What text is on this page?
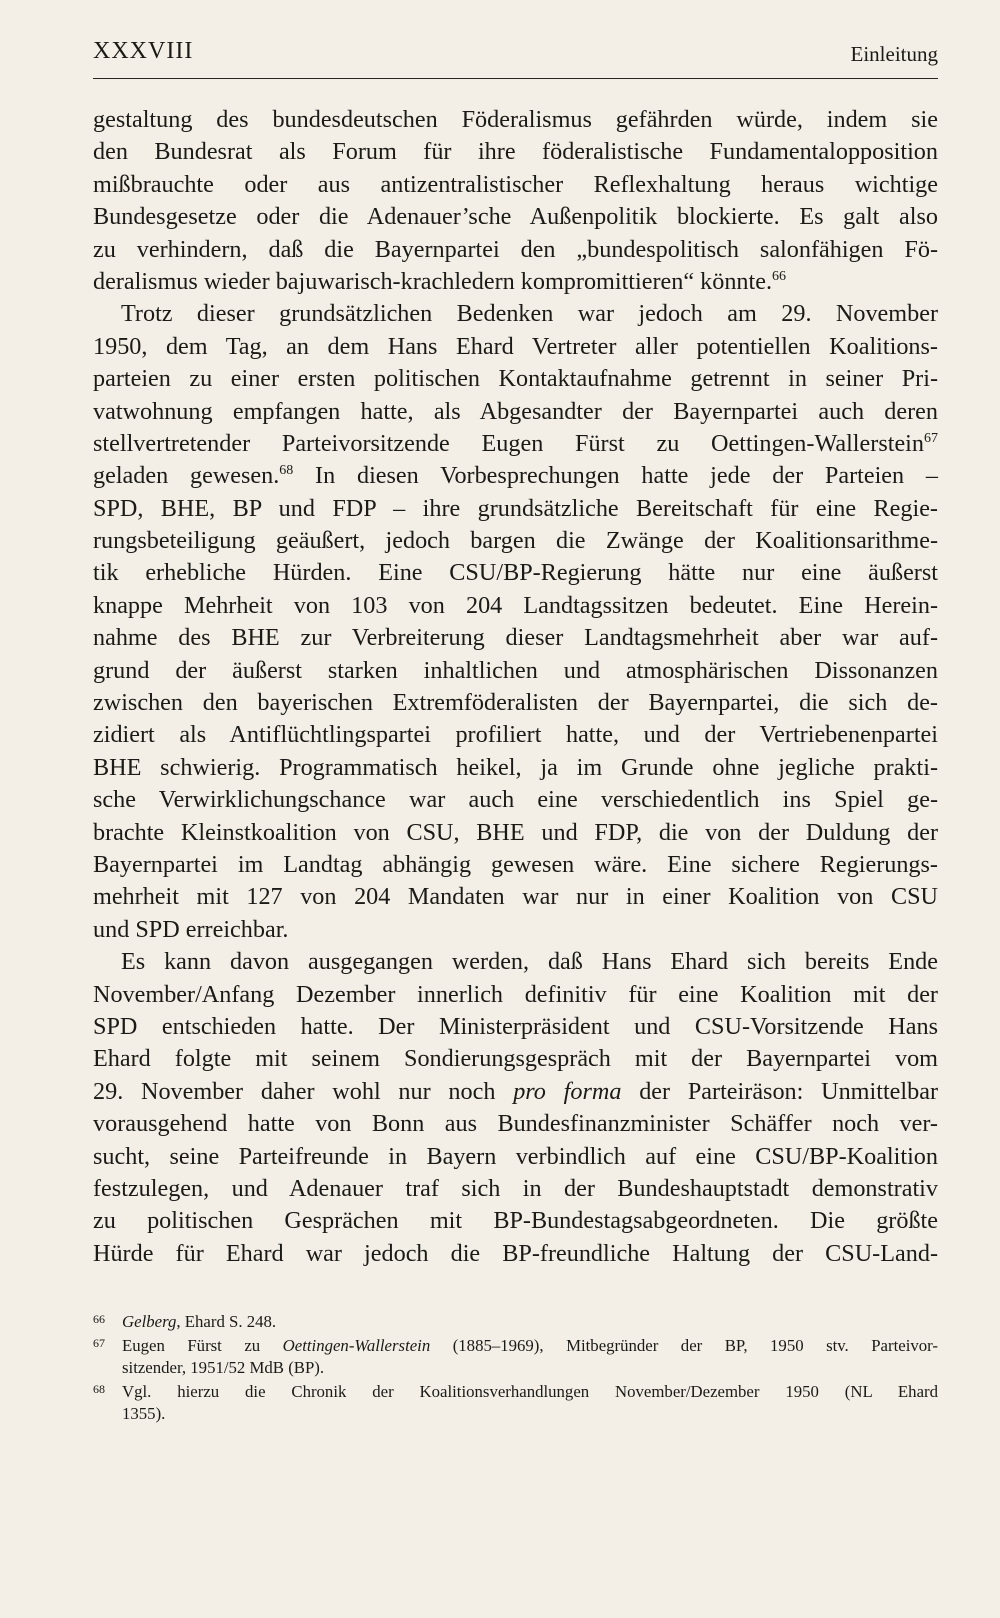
XXXVIII	Einleitung
gestaltung des bundesdeutschen Föderalismus gefährden würde, indem sie
den Bundesrat als Forum für ihre föderalistische Fundamentalopposition
mißbrauchte oder aus antizentralistischer Reflexhaltung heraus wichtige
Bundesgesetze oder die Adenauer’sche Außenpolitik blockierte. Es galt also
zu verhindern, daß die Bayernpartei den „bundespolitisch salonfähigen Fö-
deralismus wieder bajuwarisch-krachledern kompromittieren“ könnte.$^{66}$
Trotz dieser grundsätzlichen Bedenken war jedoch am 29. November
1950, dem Tag, an dem Hans Ehard Vertreter aller potentiellen Koalitions-
parteien zu einer ersten politischen Kontaktaufnahme getrennt in seiner Pri-
vatwohnung empfangen hatte, als Abgesandter der Bayernpartei auch deren
stellvertretender Parteivorsitzende Eugen Fürst zu Oettingen-Wallerstein$^{67}$
geladen gewesen.$^{68}$ In diesen Vorbesprechungen hatte jede der Parteien –
SPD, BHE, BP und FDP – ihre grundsätzliche Bereitschaft für eine Regie-
rungsbeteiligung geäußert, jedoch bargen die Zwänge der Koalitionsarithme-
tik erhebliche Hürden. Eine CSU/BP-Regierung hätte nur eine äußerst
knappe Mehrheit von 103 von 204 Landtagssitzen bedeutet. Eine Herein-
nahme des BHE zur Verbreiterung dieser Landtagsmehrheit aber war auf-
grund der äußerst starken inhaltlichen und atmosphärischen Dissonanzen
zwischen den bayerischen Extremföderalisten der Bayernpartei, die sich de-
zidiert als Antiflüchtlingspartei profiliert hatte, und der Vertriebenenpartei
BHE schwierig. Programmatisch heikel, ja im Grunde ohne jegliche prakti-
sche Verwirklichungschance war auch eine verschiedentlich ins Spiel ge-
brachte Kleinstkoalition von CSU, BHE und FDP, die von der Duldung der
Bayernpartei im Landtag abhängig gewesen wäre. Eine sichere Regierungs-
mehrheit mit 127 von 204 Mandaten war nur in einer Koalition von CSU
und SPD erreichbar.
Es kann davon ausgegangen werden, daß Hans Ehard sich bereits Ende
November/Anfang Dezember innerlich definitiv für eine Koalition mit der
SPD entschieden hatte. Der Ministerpräsident und CSU-Vorsitzende Hans
Ehard folgte mit seinem Sondierungsgespräch mit der Bayernpartei vom
29. November daher wohl nur noch pro forma der Parteiräson: Unmittelbar
vorausgehend hatte von Bonn aus Bundesfinanzminister Schäffer noch ver-
sucht, seine Parteifreunde in Bayern verbindlich auf eine CSU/BP-Koalition
festzulegen, und Adenauer traf sich in der Bundeshauptstadt demonstrativ
zu politischen Gesprächen mit BP-Bundestagsabgeordneten. Die größte
Hürde für Ehard war jedoch die BP-freundliche Haltung der CSU-Land-
66	Gelberg, Ehard S. 248.
67	Eugen Fürst zu Oettingen-Wallerstein (1885–1969), Mitbegründer der BP, 1950 stv. Parteivor-
sitzender, 1951/52 MdB (BP).
68	Vgl. hierzu die Chronik der Koalitionsverhandlungen November/Dezember 1950 (NL Ehard
1355).
